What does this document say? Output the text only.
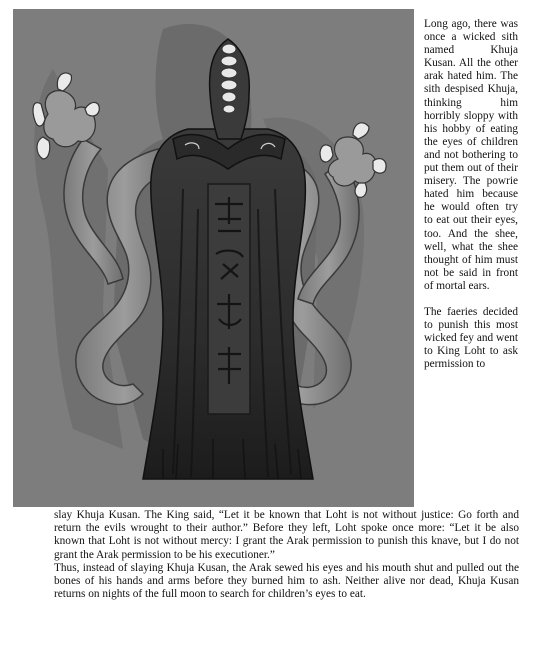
Long ago, there was once a wicked sith named Khuja Kusan. All the other arak hated him. The sith despised Khuja, thinking him horribly sloppy with his hobby of eating the eyes of children and not bothering to put them out of their misery. The powrie hated him because he would often try to eat out their eyes, too. And the shee, well, what the shee thought of him must not be said in front of mortal ears.

The faeries decided to punish this most wicked fey and went to King Loht to ask permission to

slay Khuja Kusan. The King said, “Let it be known that Loht is not without justice: Go forth and return the evils wrought to their author.” Before they left, Loht spoke once more: “Let it be also known that Loht is not without mercy: I grant the Arak permission to punish this knave, but I do not grant the Arak permission to be his executioner.”

Thus, instead of slaying Khuja Kusan, the Arak sewed his eyes and his mouth shut and pulled out the bones of his hands and arms before they burned him to ash. Neither alive nor dead, Khuja Kusan returns on nights of the full moon to search for children’s eyes to eat.
